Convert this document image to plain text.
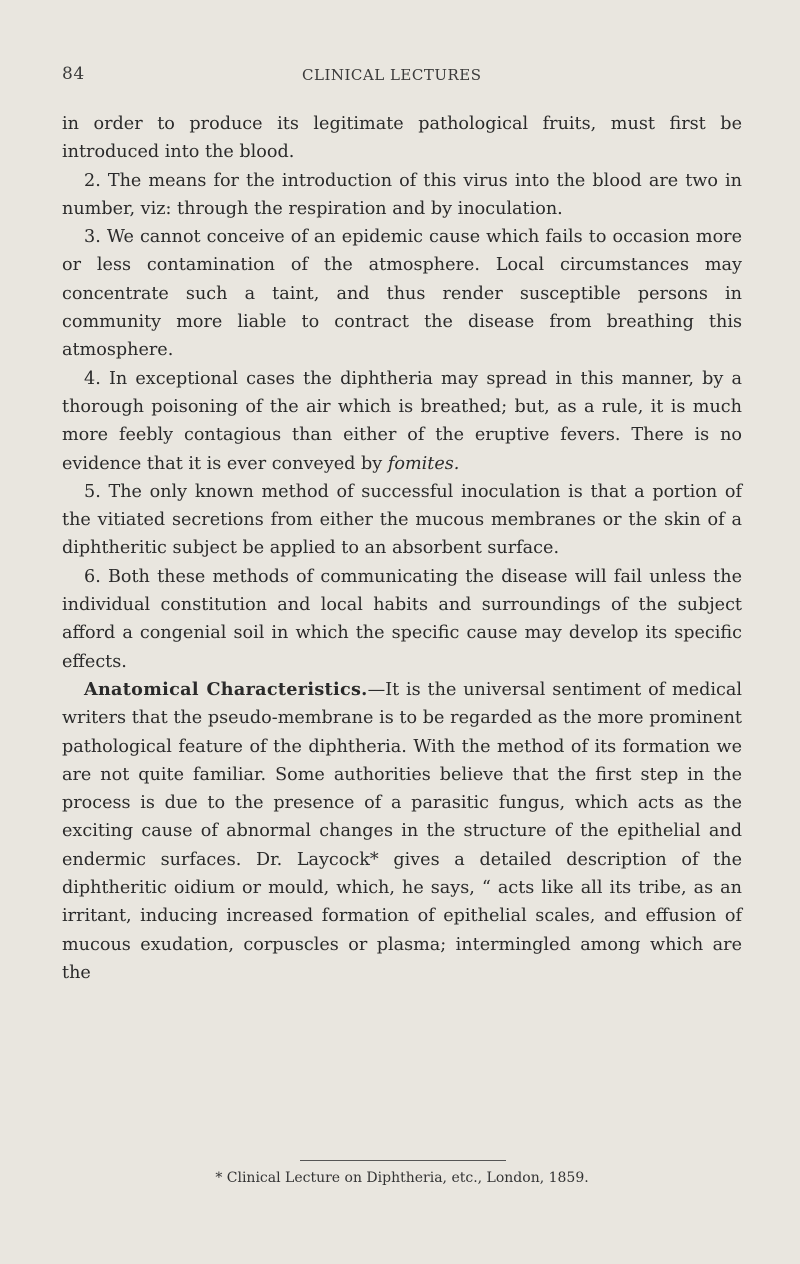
84	CLINICAL LECTURES

in order to produce its legitimate pathological fruits, must first be introduced into the blood.

2. The means for the introduction of this virus into the blood are two in number, viz: through the respiration and by inoculation.

3. We cannot conceive of an epidemic cause which fails to occasion more or less contamination of the atmosphere. Local circumstances may concentrate such a taint, and thus render susceptible persons in community more liable to contract the disease from breathing this atmosphere.

4. In exceptional cases the diphtheria may spread in this manner, by a thorough poisoning of the air which is breathed; but, as a rule, it is much more feebly contagious than either of the eruptive fevers. There is no evidence that it is ever conveyed by fomites.

5. The only known method of successful inoculation is that a portion of the vitiated secretions from either the mucous membranes or the skin of a diphtheritic subject be applied to an absorbent surface.

6. Both these methods of communicating the disease will fail unless the individual constitution and local habits and surroundings of the subject afford a congenial soil in which the specific cause may develop its specific effects.

Anatomical Characteristics.—It is the universal sentiment of medical writers that the pseudo-membrane is to be regarded as the more prominent pathological feature of the diphtheria. With the method of its formation we are not quite familiar. Some authorities believe that the first step in the process is due to the presence of a parasitic fungus, which acts as the exciting cause of abnormal changes in the structure of the epithelial and endermic surfaces. Dr. Laycock* gives a detailed description of the diphtheritic oidium or mould, which, he says, “ acts like all its tribe, as an irritant, inducing increased formation of epithelial scales, and effusion of mucous exudation, corpuscles or plasma; intermingled among which are the

* Clinical Lecture on Diphtheria, etc., London, 1859.
